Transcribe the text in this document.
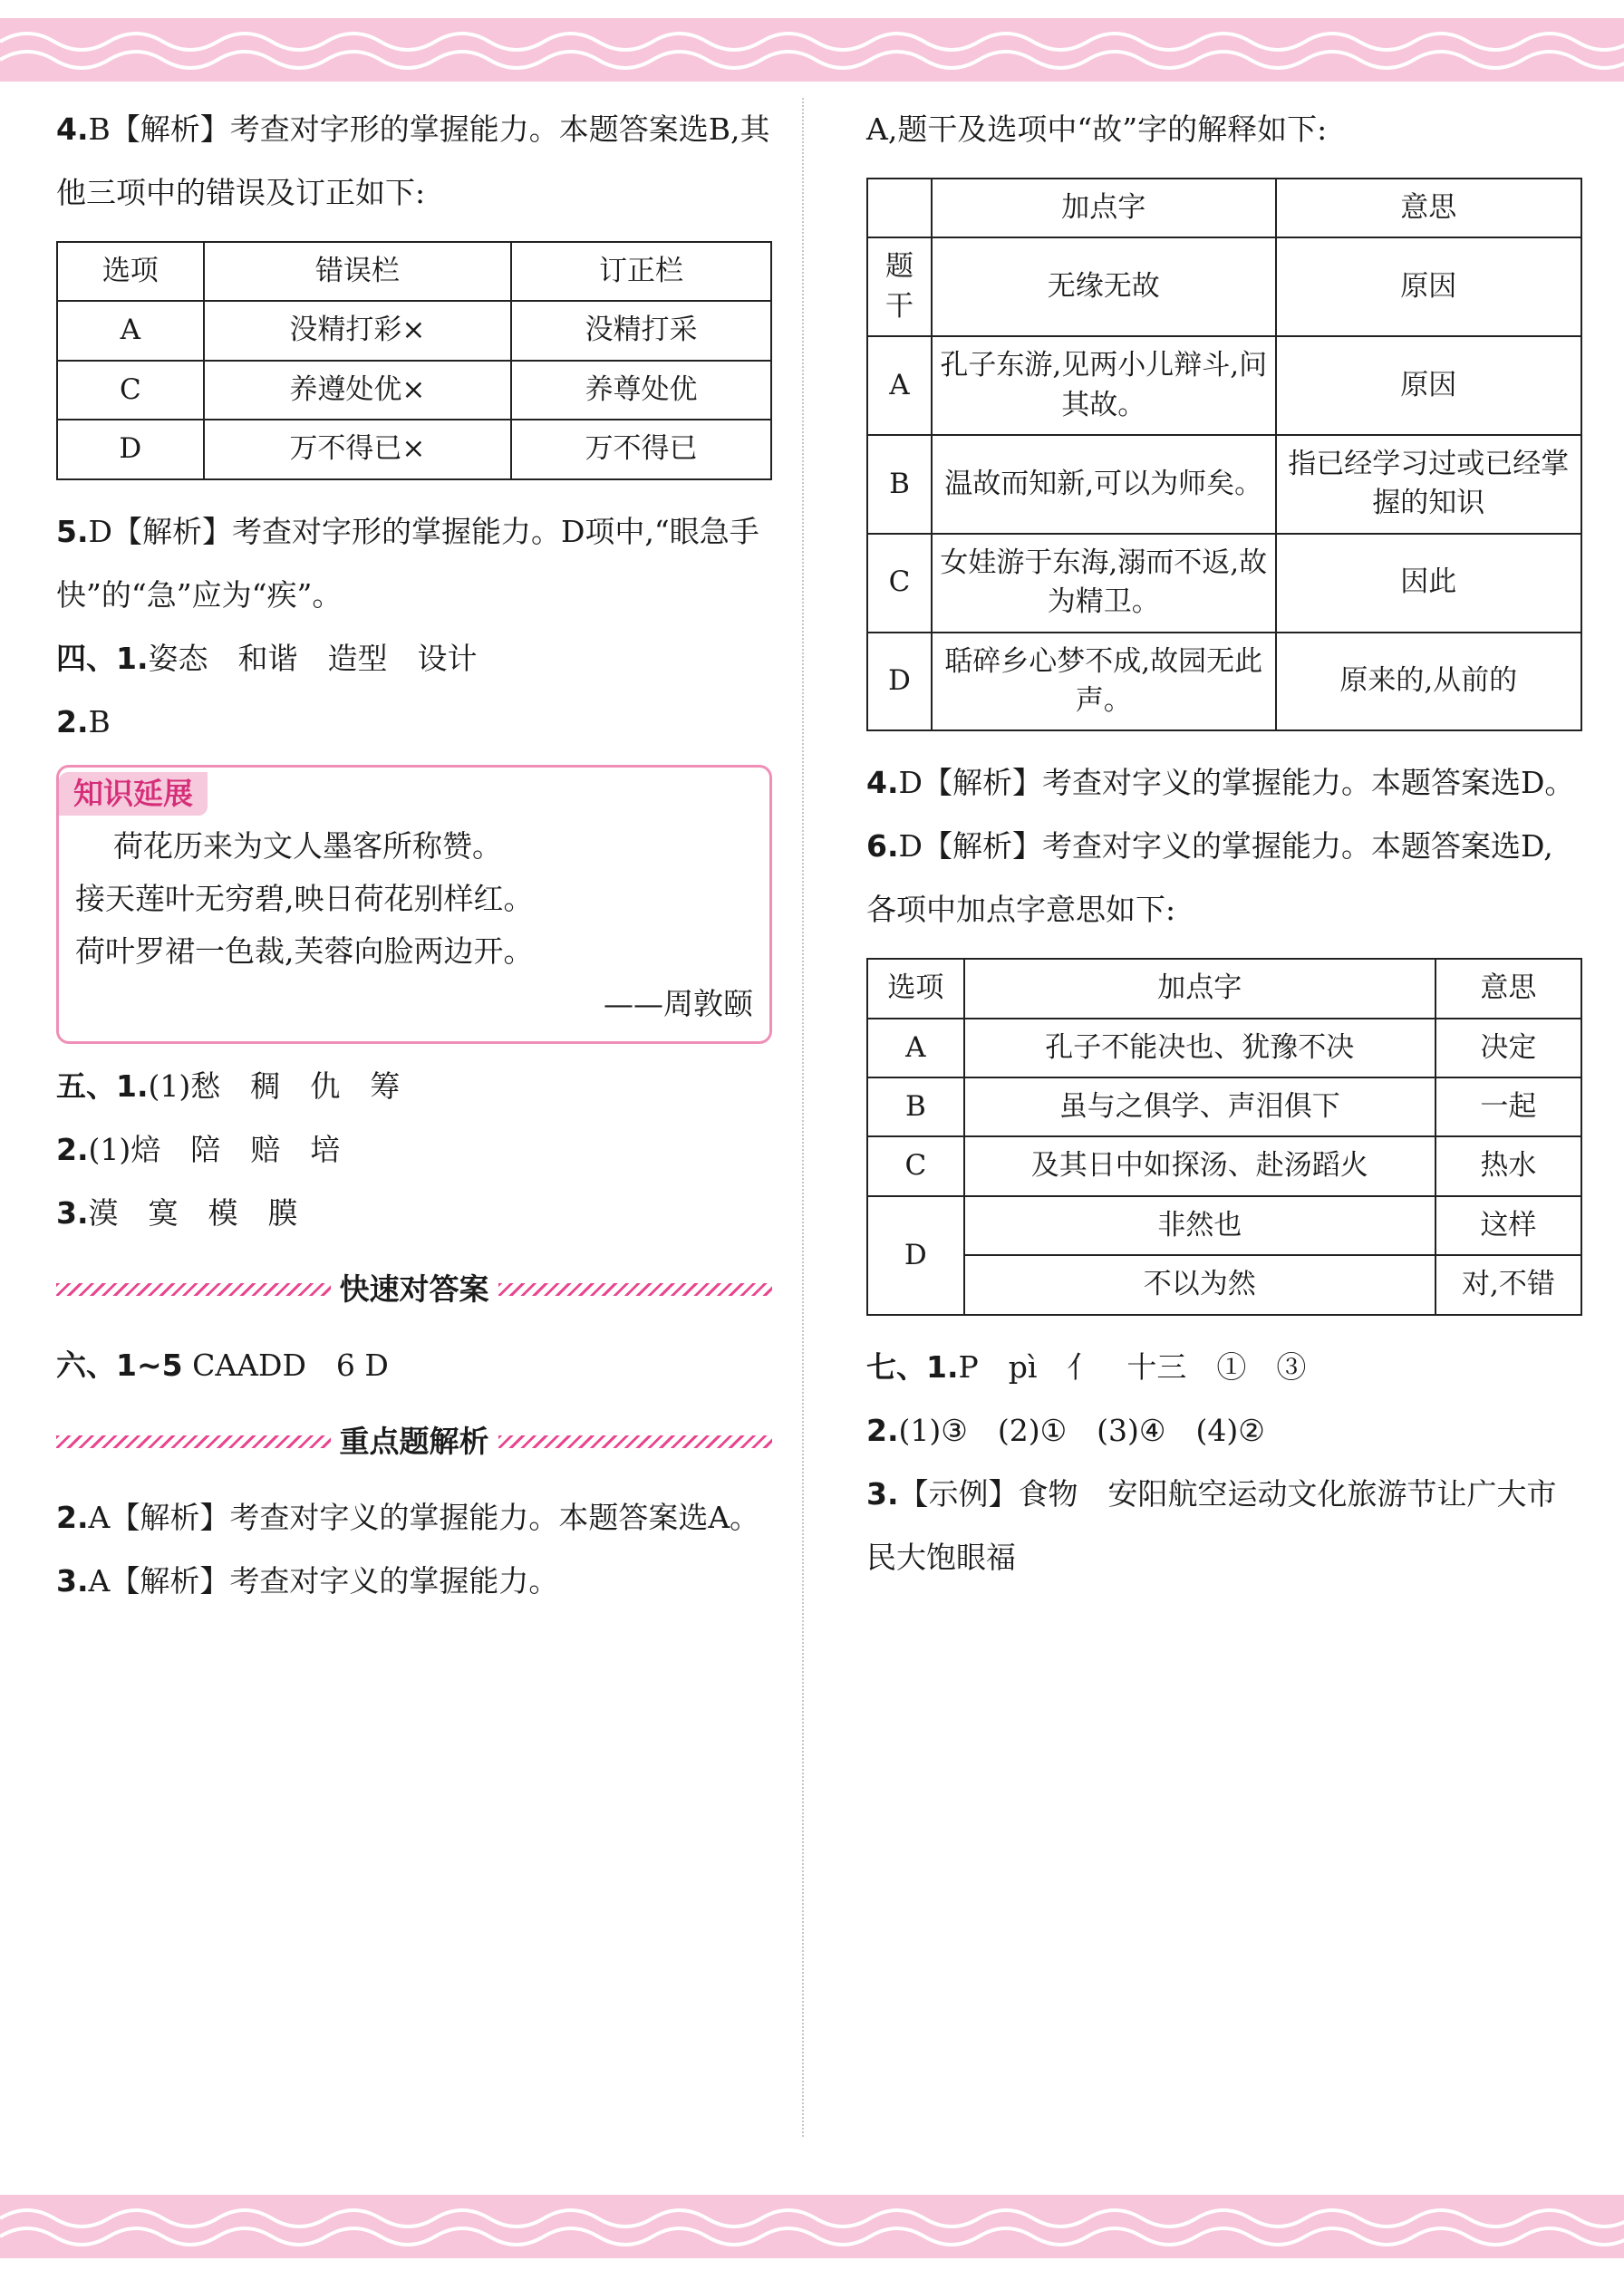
4.B【解析】考查对字形的掌握能力。本题答案选B,其他三项中的错误及订正如下:

选项	错误栏	订正栏
A	没精打彩×	没精打采
C	养遵处优×	养尊处优
D	万不得已×	万不得已

5.D【解析】考查对字形的掌握能力。D项中,“眼急手快”的“急”应为“疾”。

四、1.姿态　和谐　造型　设计

2.B

知识延展

荷花历来为文人墨客所称赞。

接天莲叶无穷碧,映日荷花别样红。

荷叶罗裙一色裁,芙蓉向脸两边开。

——周敦颐

五、1.(1)愁　稠　仇　筹

2.(1)焙　陪　赔　培

3.漠　寞　模　膜

快速对答案

六、1~5 CAADD　6 D

重点题解析

2.A【解析】考查对字义的掌握能力。本题答案选A。

3.A【解析】考查对字义的掌握能力。

A,题干及选项中“故”字的解释如下:

	加点字	意思
题干	无缘无故	原因
A	孔子东游,见两小儿辩斗,问其故。	原因
B	温故而知新,可以为师矣。	指已经学习过或已经掌握的知识
C	女娃游于东海,溺而不返,故为精卫。	因此
D	聒碎乡心梦不成,故园无此声。	原来的,从前的

4.D【解析】考查对字义的掌握能力。本题答案选D。

6.D【解析】考查对字义的掌握能力。本题答案选D,各项中加点字意思如下:

选项	加点字	意思
A	孔子不能决也、犹豫不决	决定
B	虽与之俱学、声泪俱下	一起
C	及其日中如探汤、赴汤蹈火	热水
D	非然也	这样
	不以为然	对,不错

七、1.P　pì　亻　十三　①　③

2.(1)③　(2)①　(3)④　(4)②

3.【示例】食物　安阳航空运动文化旅游节让广大市民大饱眼福
